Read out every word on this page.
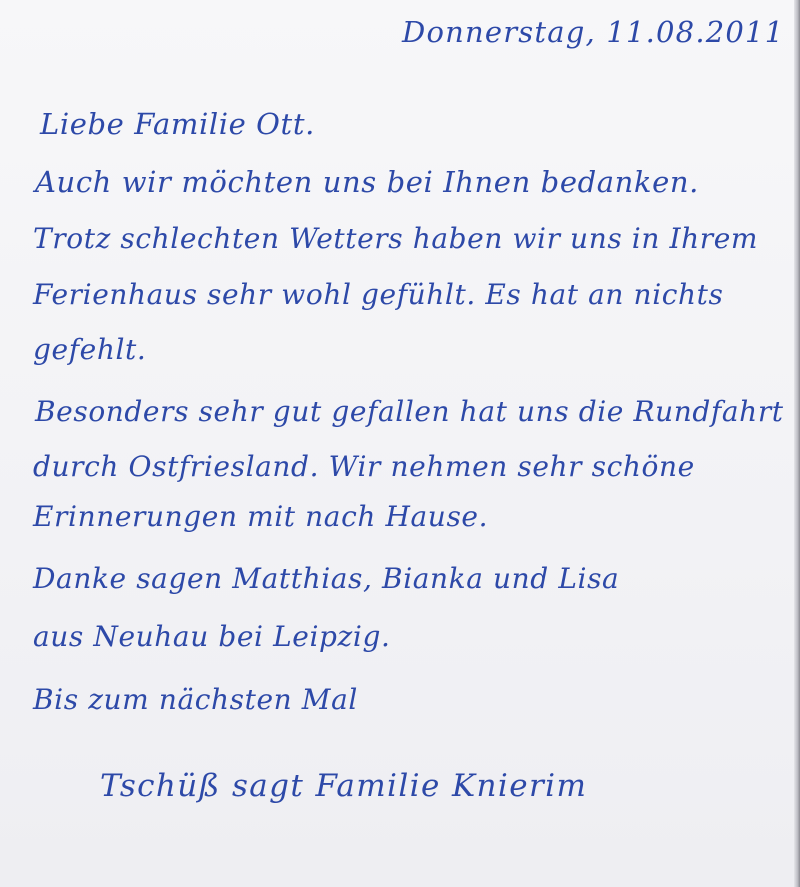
Donnerstag, 11.08.2011
Liebe Familie Ott.
Auch wir möchten uns bei Ihnen bedanken.
Trotz schlechten Wetters haben wir uns in Ihrem
Ferienhaus sehr wohl gefühlt. Es hat an nichts
gefehlt.
Besonders sehr gut gefallen hat uns die Rundfahrt
durch Ostfriesland. Wir nehmen sehr schöne
Erinnerungen mit nach Hause.
Danke sagen Matthias, Bianka und Lisa
aus Neuhau bei Leipzig.
Bis zum nächsten Mal
Tschüß sagt Familie Knierim
